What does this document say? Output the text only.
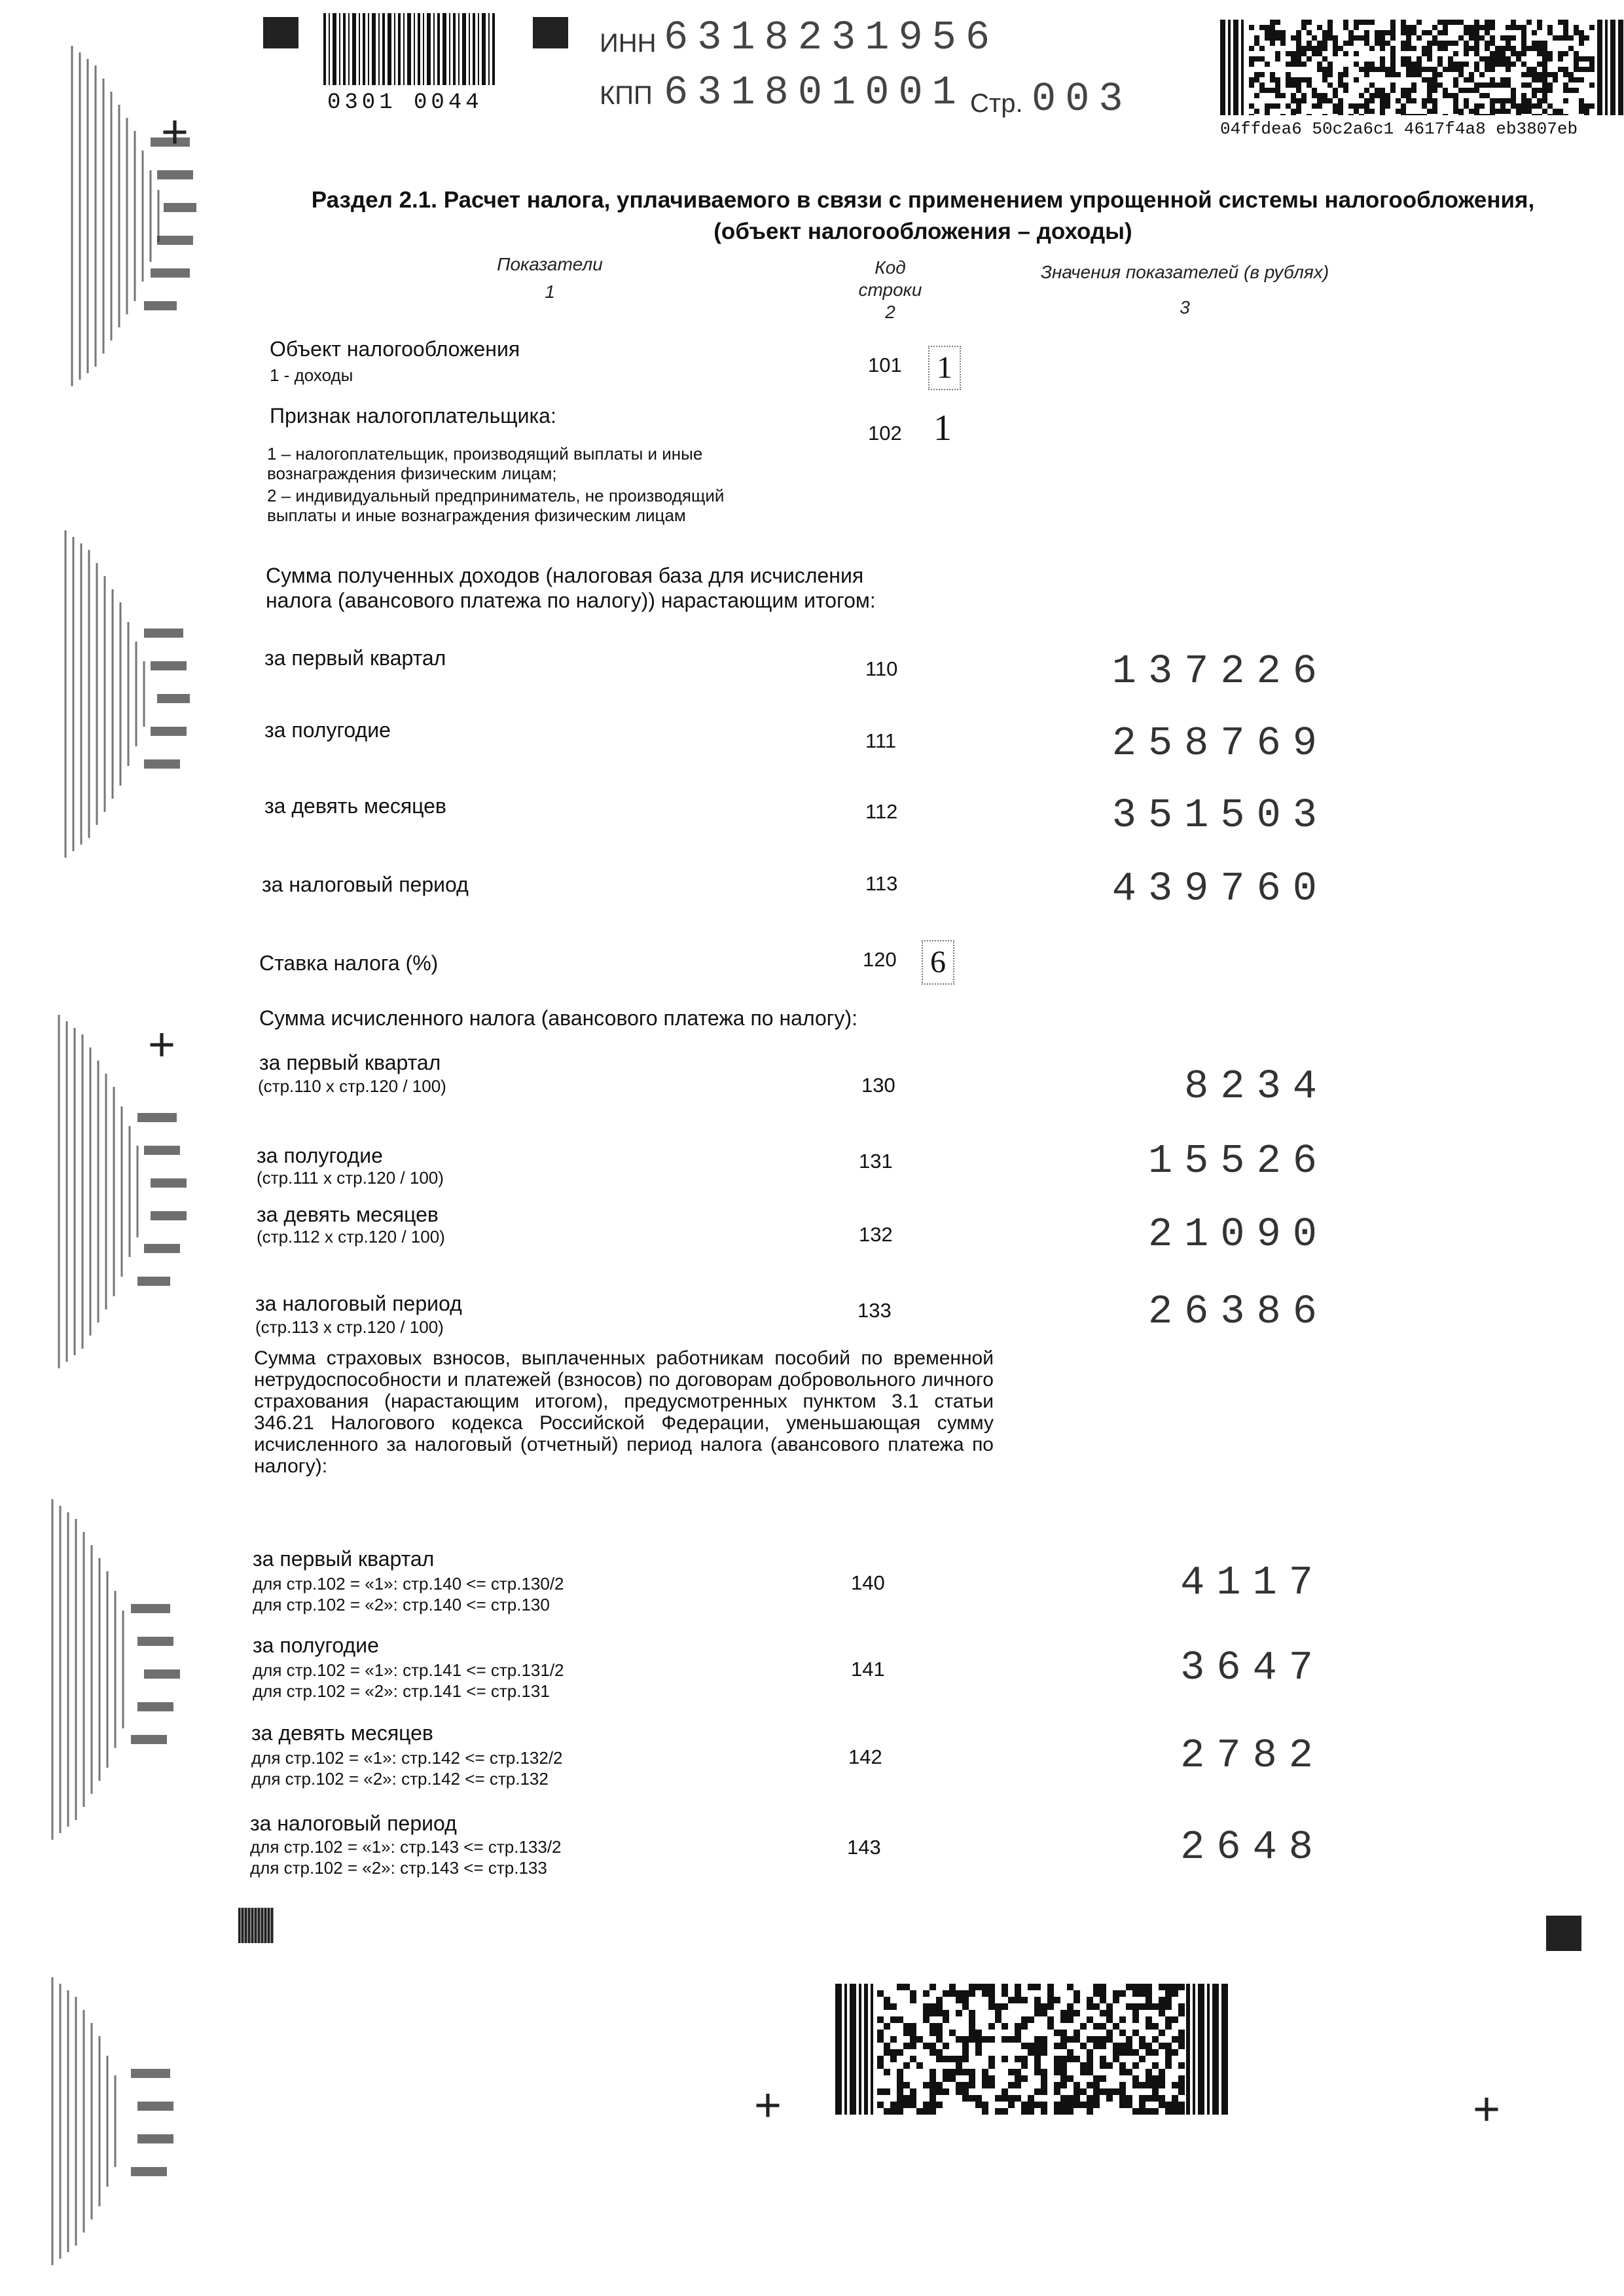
+
+
+	+
0301 0044
ИНН 6318231956
КПП 631801001 Стр. 003
04ffdea6 50c2a6c1 4617f4a8 eb3807eb
Раздел 2.1. Расчет налога, уплачиваемого в связи с применением упрощенной системы налогообложения,
(объект налогообложения – доходы)
Показатели
1
Код
строки
2
Значения показателей (в рублях)
3
Объект налогообложения
1 - доходы	101 1
Признак налогоплательщика:
1 – налогоплательщик, производящий выплаты и иные
вознаграждения физическим лицам;
2 – индивидуальный предприниматель, не производящий
выплаты и иные вознаграждения физическим лицам
102 1
Сумма полученных доходов (налоговая база для исчисления
налога (авансового платежа по налогу)) нарастающим итогом:
за первый квартал	110	137226
за полугодие	111	258769
за девять месяцев	112	351503
за налоговый период	113	439760
Ставка налога (%)	120 6
Сумма исчисленного налога (авансового платежа по налогу):
за первый квартал
(стр.110 х стр.120 / 100)	130	8234
за полугодие
(стр.111 х стр.120 / 100)
131	15526
за девять месяцев
(стр.112 х стр.120 / 100)	132	21090
за налоговый период
(стр.113 х стр.120 / 100)
133	26386
Сумма страховых взносов, выплаченных работникам пособий по временной нетрудоспособности и платежей (взносов) по договорам добровольного личного страхования (нарастающим итогом), предусмотренных пунктом 3.1 статьи 346.21 Налогового кодекса Российской Федерации, уменьшающая сумму исчисленного за налоговый (отчетный) период налога (авансового платежа по налогу):
за первый квартал
для стр.102 = «1»: стр.140 <= стр.130/2
для стр.102 = «2»: стр.140 <= стр.130
140	4117
за полугодие
для стр.102 = «1»: стр.141 <= стр.131/2
для стр.102 = «2»: стр.141 <= стр.131
141	3647
за девять месяцев
для стр.102 = «1»: стр.142 <= стр.132/2
для стр.102 = «2»: стр.142 <= стр.132
142	2782
за налоговый период
для стр.102 = «1»: стр.143 <= стр.133/2
для стр.102 = «2»: стр.143 <= стр.133
143	2648
